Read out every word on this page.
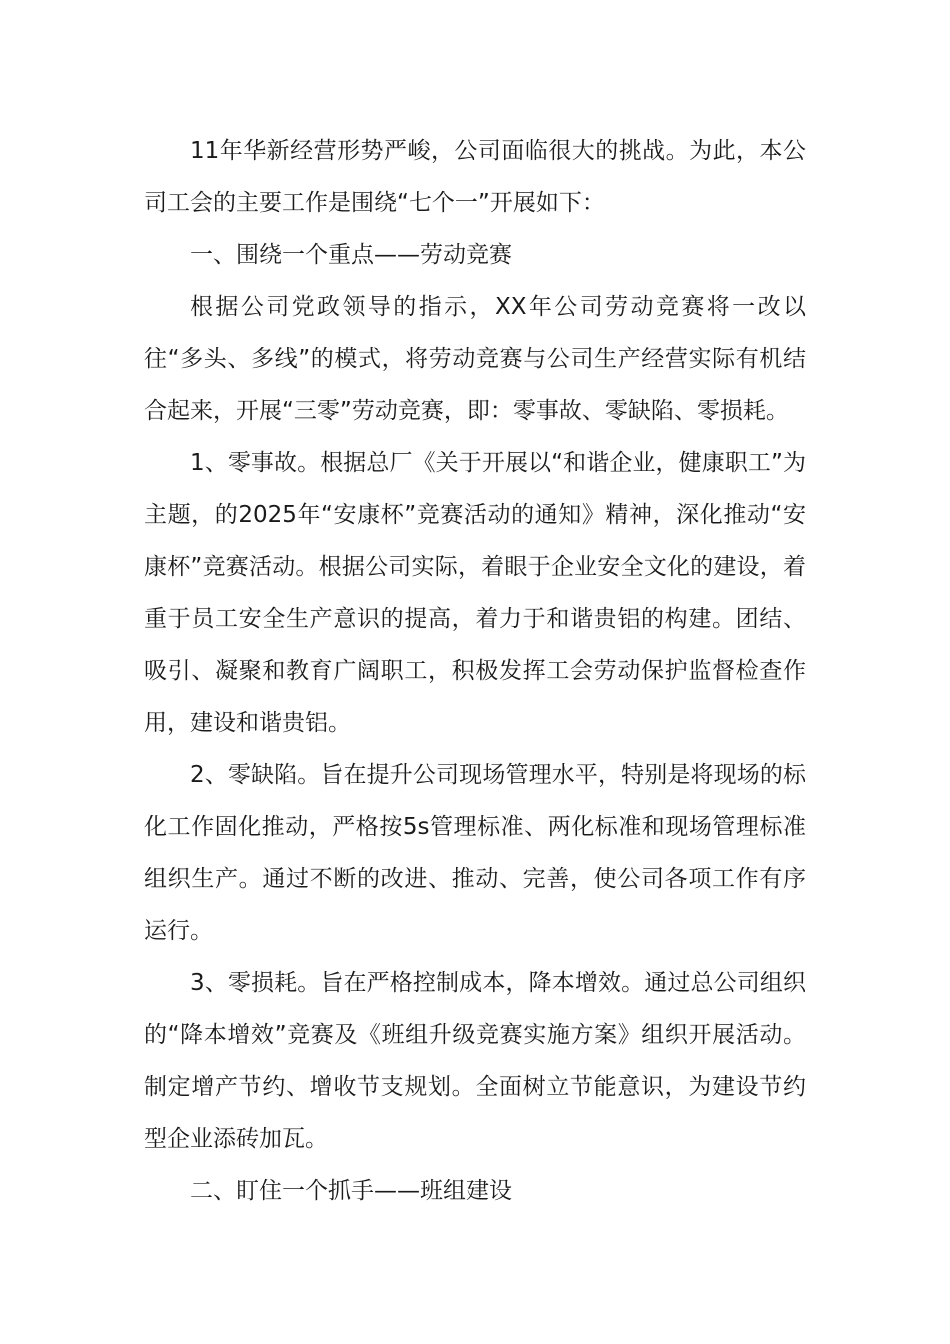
11年华新经营形势严峻，公司面临很大的挑战。为此，本公司工会的主要工作是围绕“七个一”开展如下：

一、围绕一个重点——劳动竞赛

根据公司党政领导的指示，XX年公司劳动竞赛将一改以往“多头、多线”的模式，将劳动竞赛与公司生产经营实际有机结合起来，开展“三零”劳动竞赛，即：零事故、零缺陷、零损耗。

1、零事故。根据总厂《关于开展以“和谐企业，健康职工”为主题，的2025年“安康杯”竞赛活动的通知》精神，深化推动“安康杯”竞赛活动。根据公司实际，着眼于企业安全文化的建设，着重于员工安全生产意识的提高，着力于和谐贵铝的构建。团结、吸引、凝聚和教育广阔职工，积极发挥工会劳动保护监督检查作用，建设和谐贵铝。

2、零缺陷。旨在提升公司现场管理水平，特别是将现场的标化工作固化推动，严格按5s管理标准、两化标准和现场管理标准组织生产。通过不断的改进、推动、完善，使公司各项工作有序运行。

3、零损耗。旨在严格控制成本，降本增效。通过总公司组织的“降本增效”竞赛及《班组升级竞赛实施方案》组织开展活动。制定增产节约、增收节支规划。全面树立节能意识，为建设节约型企业添砖加瓦。

二、盯住一个抓手——班组建设
